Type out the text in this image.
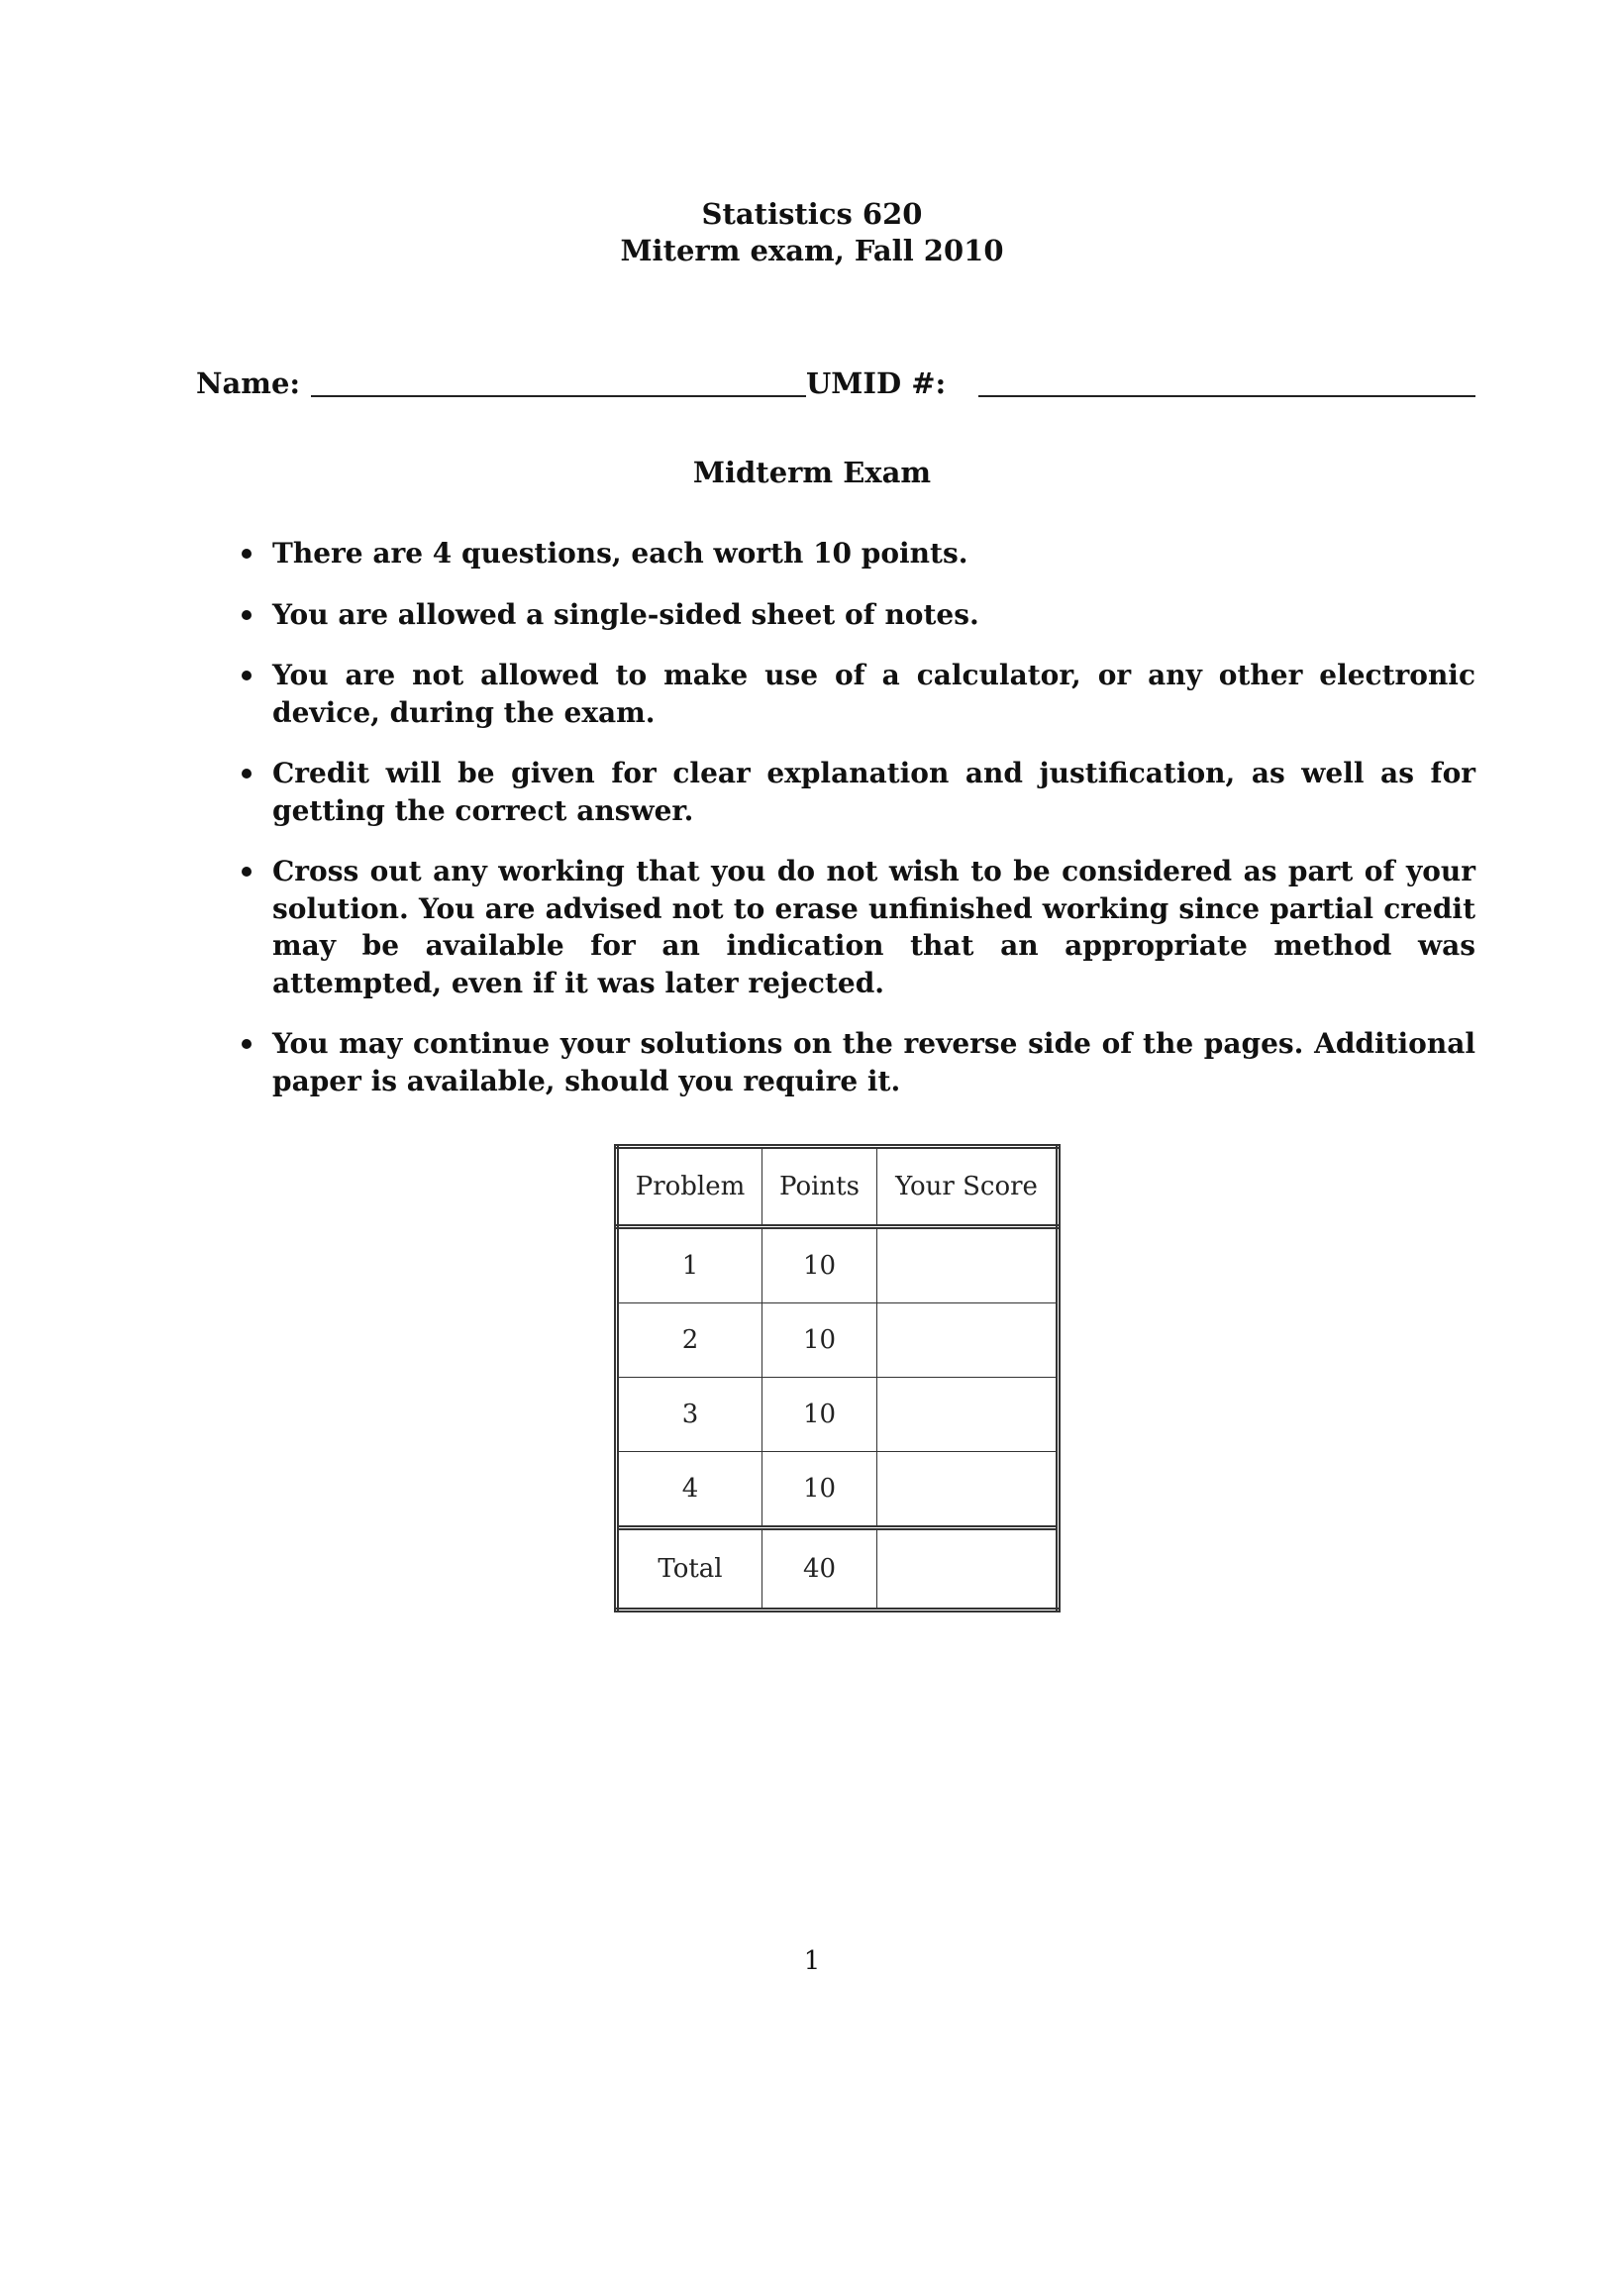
Statistics 620
Miterm exam, Fall 2010
Name:	UMID #:
Midterm Exam
There are 4 questions, each worth 10 points.
You are allowed a single-sided sheet of notes.
You are not allowed to make use of a calculator, or any other electronic device, during the exam.
Credit will be given for clear explanation and justification, as well as for getting the correct answer.
Cross out any working that you do not wish to be considered as part of your solution. You are advised not to erase unfinished working since partial credit may be available for an indication that an appropriate method was attempted, even if it was later rejected.
You may continue your solutions on the reverse side of the pages. Additional paper is available, should you require it.
Problem	Points	Your Score
1	10	
2	10	
3	10	
4	10	
Total	40	
1
